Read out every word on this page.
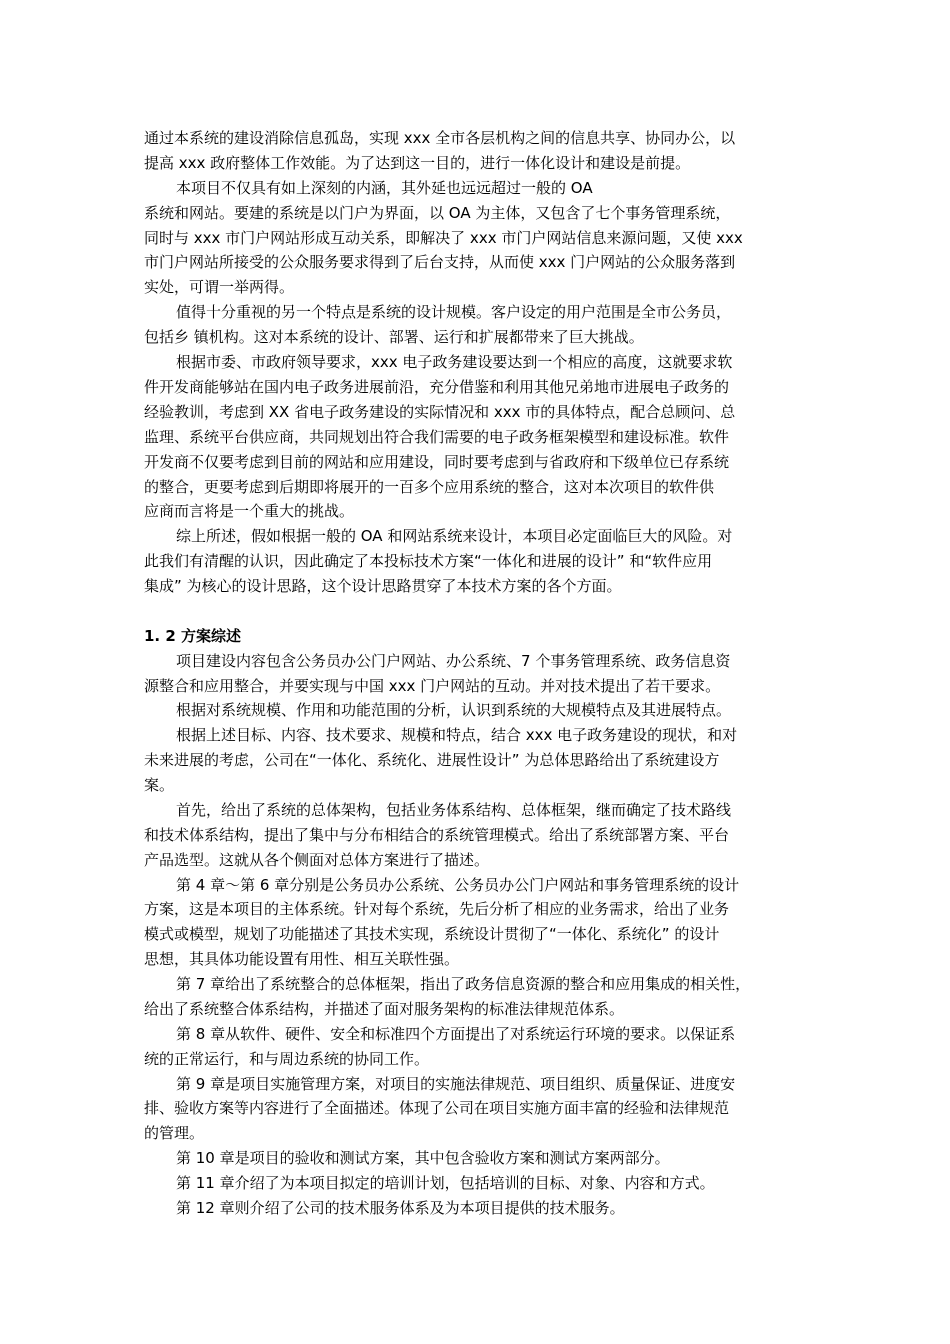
通过本系统的建设消除信息孤岛，实现 xxx 全市各层机构之间的信息共享、协同办公，以
提高 xxx 政府整体工作效能。为了达到这一目的，进行一体化设计和建设是前提。
本项目不仅具有如上深刻的内涵，其外延也远远超过一般的 OA
系统和网站。要建的系统是以门户为界面，以 OA 为主体，又包含了七个事务管理系统，
同时与 xxx 市门户网站形成互动关系，即解决了 xxx 市门户网站信息来源问题，又使 xxx
市门户网站所接受的公众服务要求得到了后台支持，从而使 xxx 门户网站的公众服务落到
实处，可谓一举两得。
值得十分重视的另一个特点是系统的设计规模。客户设定的用户范围是全市公务员，
包括乡 镇机构。这对本系统的设计、部署、运行和扩展都带来了巨大挑战。
根据市委、市政府领导要求，xxx 电子政务建设要达到一个相应的高度，这就要求软
件开发商能够站在国内电子政务进展前沿，充分借鉴和利用其他兄弟地市进展电子政务的
经验教训，考虑到 XX 省电子政务建设的实际情况和 xxx 市的具体特点，配合总顾问、总
监理、系统平台供应商，共同规划出符合我们需要的电子政务框架模型和建设标准。软件
开发商不仅要考虑到目前的网站和应用建设，同时要考虑到与省政府和下级单位已存系统
的整合，更要考虑到后期即将展开的一百多个应用系统的整合，这对本次项目的软件供
应商而言将是一个重大的挑战。
综上所述，假如根据一般的 OA 和网站系统来设计，本项目必定面临巨大的风险。对
此我们有清醒的认识，因此确定了本投标技术方案“一体化和进展的设计” 和“软件应用
集成” 为核心的设计思路，这个设计思路贯穿了本技术方案的各个方面。
1. 2 方案综述
项目建设内容包含公务员办公门户网站、办公系统、7 个事务管理系统、政务信息资
源整合和应用整合，并要实现与中国 xxx 门户网站的互动。并对技术提出了若干要求。
根据对系统规模、作用和功能范围的分析，认识到系统的大规模特点及其进展特点。
根据上述目标、内容、技术要求、规模和特点，结合 xxx 电子政务建设的现状，和对
未来进展的考虑，公司在“一体化、系统化、进展性设计” 为总体思路给出了系统建设方
案。
首先，给出了系统的总体架构，包括业务体系结构、总体框架，继而确定了技术路线
和技术体系结构，提出了集中与分布相结合的系统管理模式。给出了系统部署方案、平台
产品选型。这就从各个侧面对总体方案进行了描述。
第 4 章～第 6 章分别是公务员办公系统、公务员办公门户网站和事务管理系统的设计
方案，这是本项目的主体系统。针对每个系统，先后分析了相应的业务需求，给出了业务
模式或模型，规划了功能描述了其技术实现，系统设计贯彻了“一体化、系统化” 的设计
思想，其具体功能设置有用性、相互关联性强。
第 7 章给出了系统整合的总体框架，指出了政务信息资源的整合和应用集成的相关性，
给出了系统整合体系结构，并描述了面对服务架构的标准法律规范体系。
第 8 章从软件、硬件、安全和标准四个方面提出了对系统运行环境的要求。以保证系
统的正常运行，和与周边系统的协同工作。
第 9 章是项目实施管理方案，对项目的实施法律规范、项目组织、质量保证、进度安
排、验收方案等内容进行了全面描述。体现了公司在项目实施方面丰富的经验和法律规范
的管理。
第 10 章是项目的验收和测试方案，其中包含验收方案和测试方案两部分。
第 11 章介绍了为本项目拟定的培训计划，包括培训的目标、对象、内容和方式。
第 12 章则介绍了公司的技术服务体系及为本项目提供的技术服务。
